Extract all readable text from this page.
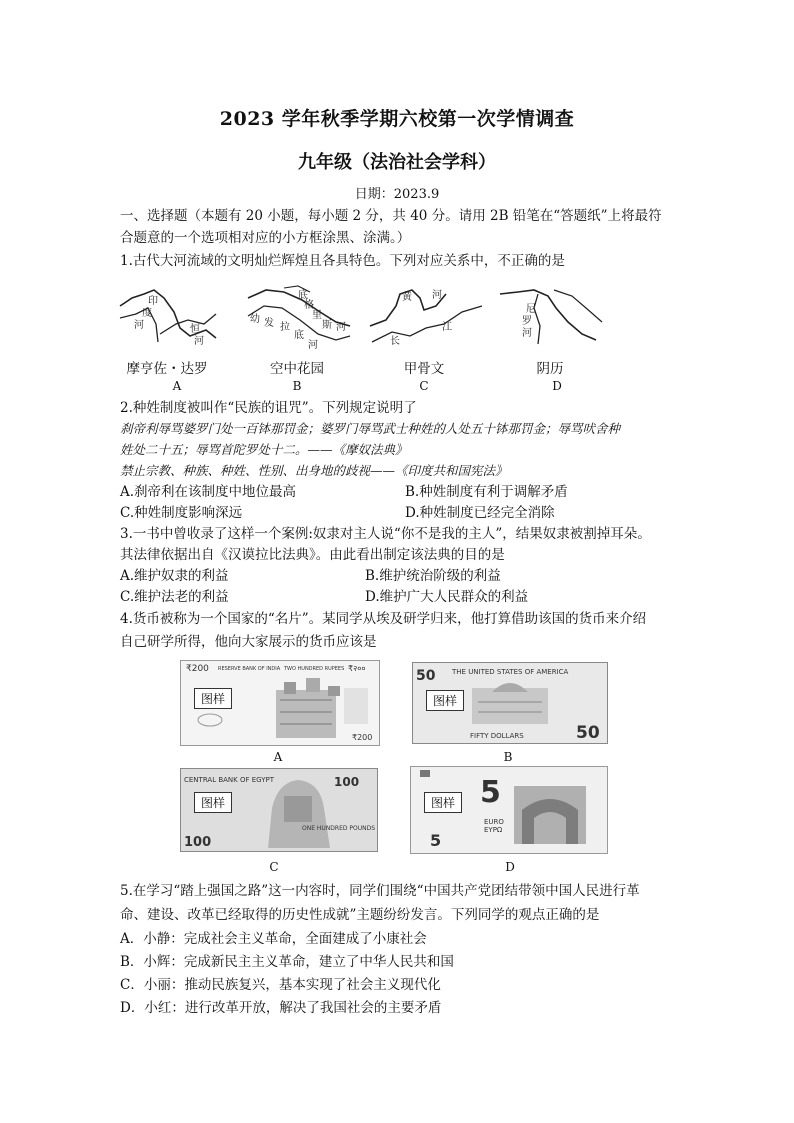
2023 学年秋季学期六校第一次学情调查
九年级（法治社会学科）
日期：2023.9
一、选择题（本题有 20 小题，每小题 2 分，共 40 分。请用 2B 铅笔在“答题纸”上将最符
合题意的一个选项相对应的小方框涂黑、涂满。）
1.古代大河流域的文明灿烂辉煌且各具特色。下列对应关系中，不正确的是
印
度
河	恒
河
摩亨佐・达罗
A
底
格
里
斯 河
幼 发 拉
底
河
空中花园
B
黄 河
江
长
甲骨文
C
尼
罗
河
阴历
D
2.种姓制度被叫作“民族的诅咒”。下列规定说明了
刹帝利辱骂婆罗门处一百钵那罚金；婆罗门辱骂武士种姓的人处五十钵那罚金；辱骂吠舍种
姓处二十五；辱骂首陀罗处十二。——《摩奴法典》
禁止宗教、种族、种姓、性别、出身地的歧视——《印度共和国宪法》
A.刹帝利在该制度中地位最高	B.种姓制度有利于调解矛盾
C.种姓制度影响深远	D.种姓制度已经完全消除
3.一书中曾收录了这样一个案例:奴隶对主人说“你不是我的主人”，结果奴隶被割掉耳朵。
其法律依据出自《汉谟拉比法典》。由此看出制定该法典的目的是
A.维护奴隶的利益	B.维护统治阶级的利益
C.维护法老的利益	D.维护广大人民群众的利益
4.货币被称为一个国家的“名片”。某同学从埃及研学归来，他打算借助该国的货币来介绍
自己研学所得，他向大家展示的货币应该是
₹200 RESERVE BANK OF INDIA TWO HUNDRED RUPEES ₹२००
₹200
图样
A
50 THE UNITED STATES OF AMERICA
FIFTY DOLLARS	50
图样
B
CENTRAL BANK OF EGYPT	100
ONE HUNDRED POUNDS
100
图样
C
5
EURO
EYPΩ
5
图样
D
5.在学习“踏上强国之路”这一内容时，同学们围绕“中国共产党团结带领中国人民进行革
命、建设、改革已经取得的历史性成就”主题纷纷发言。下列同学的观点正确的是
A．小静：完成社会主义革命，全面建成了小康社会
B．小辉：完成新民主主义革命，建立了中华人民共和国
C．小丽：推动民族复兴，基本实现了社会主义现代化
D．小红：进行改革开放，解决了我国社会的主要矛盾
